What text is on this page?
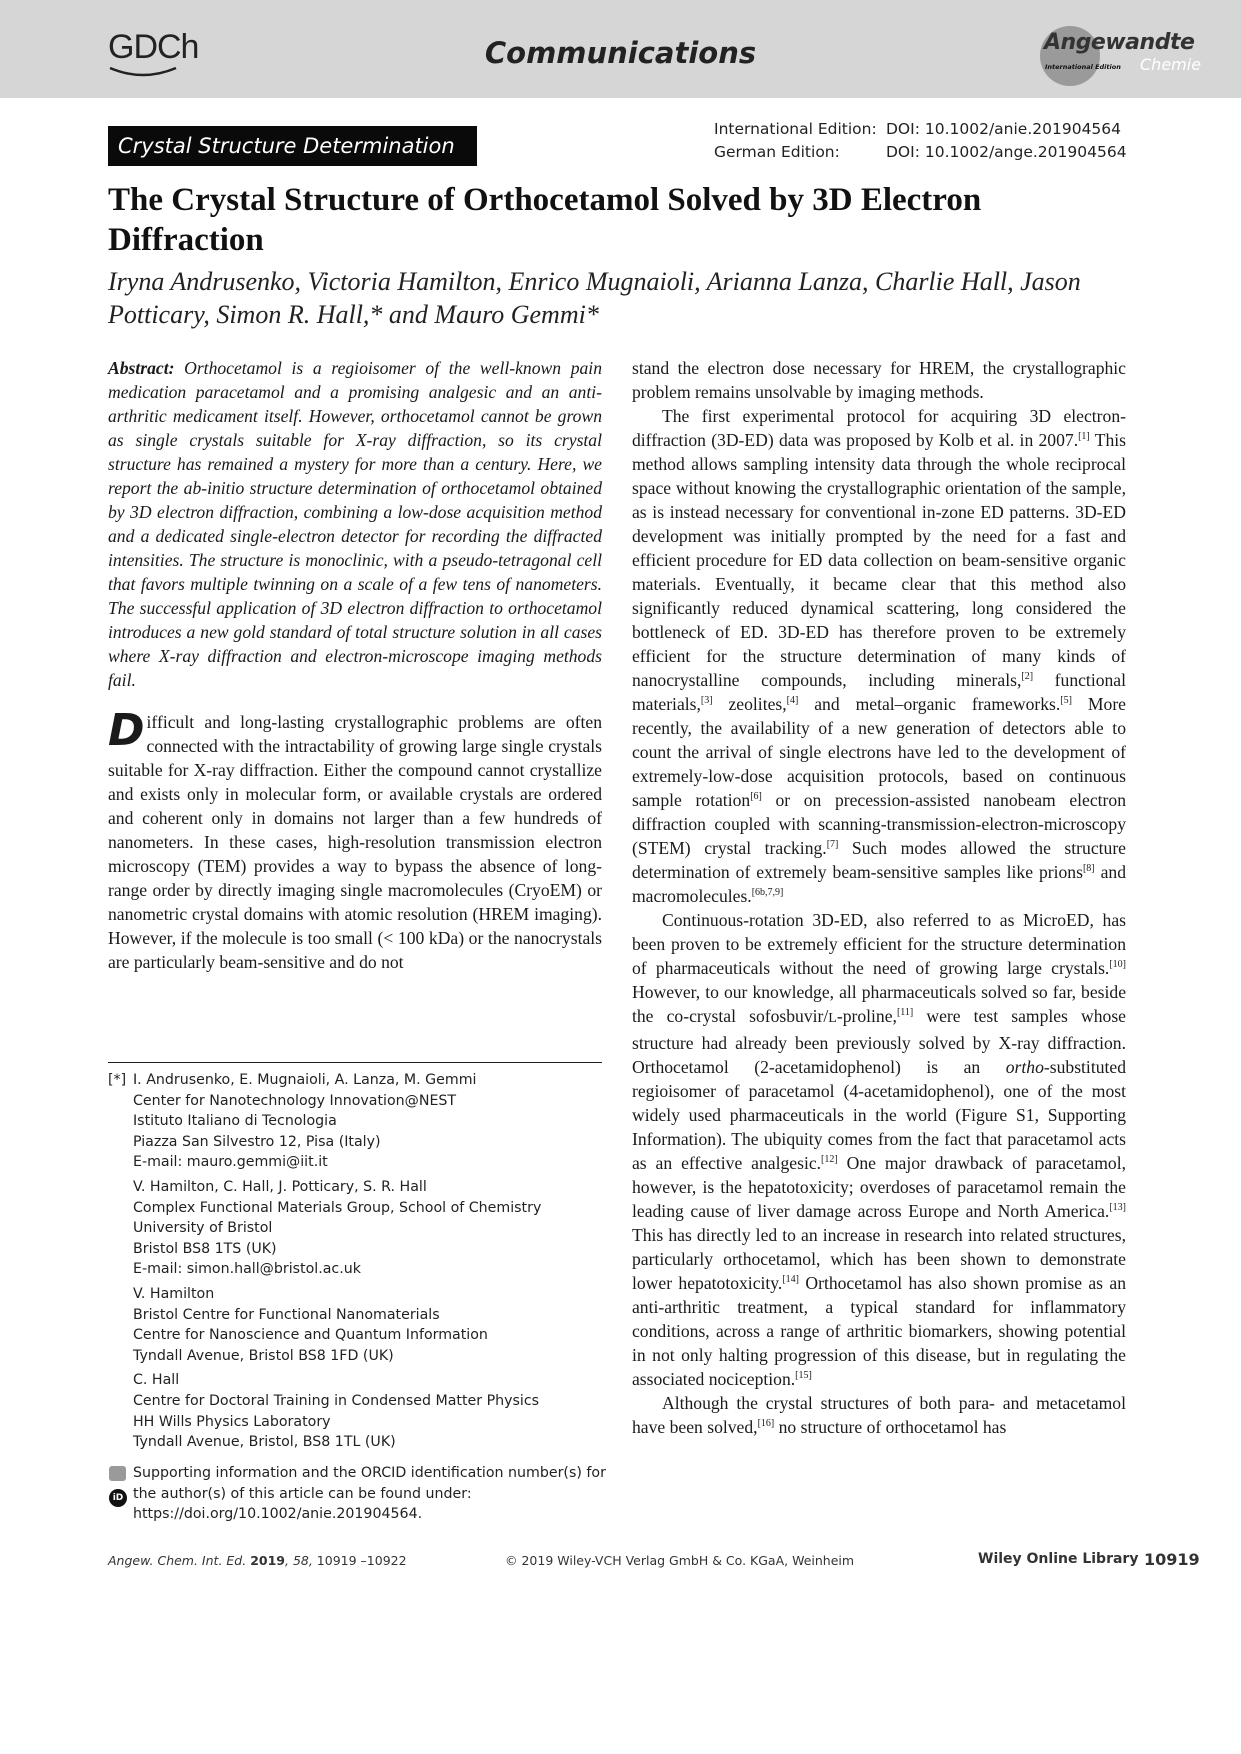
GDCh	Communications	Angewandte
International Edition Chemie
Crystal Structure Determination
International Edition: DOI: 10.1002/anie.201904564
German Edition:	DOI: 10.1002/ange.201904564
The Crystal Structure of Orthocetamol Solved by 3D Electron Diffraction

Iryna Andrusenko, Victoria Hamilton, Enrico Mugnaioli, Arianna Lanza, Charlie Hall, Jason Potticary, Simon R. Hall,* and Mauro Gemmi*

Abstract: Orthocetamol is a regioisomer of the well-known pain medication paracetamol and a promising analgesic and an anti-arthritic medicament itself. However, orthocetamol cannot be grown as single crystals suitable for X-ray diffraction, so its crystal structure has remained a mystery for more than a century. Here, we report the ab-initio structure determination of orthocetamol obtained by 3D electron diffraction, combining a low-dose acquisition method and a dedicated single-electron detector for recording the diffracted intensities. The structure is monoclinic, with a pseudo-tetragonal cell that favors multiple twinning on a scale of a few tens of nanometers. The successful application of 3D electron diffraction to orthocetamol introduces a new gold standard of total structure solution in all cases where X-ray diffraction and electron-microscope imaging methods fail.

Difficult and long-lasting crystallographic problems are often connected with the intractability of growing large single crystals suitable for X-ray diffraction. Either the compound cannot crystallize and exists only in molecular form, or available crystals are ordered and coherent only in domains not larger than a few hundreds of nanometers. In these cases, high-resolution transmission electron microscopy (TEM) provides a way to bypass the absence of long-range order by directly imaging single macromolecules (CryoEM) or nanometric crystal domains with atomic resolution (HREM imaging). However, if the molecule is too small (< 100 kDa) or the nanocrystals are particularly beam-sensitive and do not

stand the electron dose necessary for HREM, the crystallographic problem remains unsolvable by imaging methods.

The first experimental protocol for acquiring 3D electron-diffraction (3D-ED) data was proposed by Kolb et al. in 2007.[1] This method allows sampling intensity data through the whole reciprocal space without knowing the crystallographic orientation of the sample, as is instead necessary for conventional in-zone ED patterns. 3D-ED development was initially prompted by the need for a fast and efficient procedure for ED data collection on beam-sensitive organic materials. Eventually, it became clear that this method also significantly reduced dynamical scattering, long considered the bottleneck of ED. 3D-ED has therefore proven to be extremely efficient for the structure determination of many kinds of nanocrystalline compounds, including minerals,[2] functional materials,[3] zeolites,[4] and metal–organic frameworks.[5] More recently, the availability of a new generation of detectors able to count the arrival of single electrons have led to the development of extremely-low-dose acquisition protocols, based on continuous sample rotation[6] or on precession-assisted nanobeam electron diffraction coupled with scanning-transmission-electron-microscopy (STEM) crystal tracking.[7] Such modes allowed the structure determination of extremely beam-sensitive samples like prions[8] and macromolecules.[6b,7,9]

Continuous-rotation 3D-ED, also referred to as MicroED, has been proven to be extremely efficient for the structure determination of pharmaceuticals without the need of growing large crystals.[10] However, to our knowledge, all pharmaceuticals solved so far, beside the co-crystal sofosbuvir/L-proline,[11] were test samples whose structure had already been previously solved by X-ray diffraction. Orthocetamol (2-acetamidophenol) is an ortho-substituted regioisomer of paracetamol (4-acetamidophenol), one of the most widely used pharmaceuticals in the world (Figure S1, Supporting Information). The ubiquity comes from the fact that paracetamol acts as an effective analgesic.[12] One major drawback of paracetamol, however, is the hepatotoxicity; overdoses of paracetamol remain the leading cause of liver damage across Europe and North America.[13] This has directly led to an increase in research into related structures, particularly orthocetamol, which has been shown to demonstrate lower hepatotoxicity.[14] Orthocetamol has also shown promise as an anti-arthritic treatment, a typical standard for inflammatory conditions, across a range of arthritic biomarkers, showing potential in not only halting progression of this disease, but in regulating the associated nociception.[15]

Although the crystal structures of both para- and metacetamol have been solved,[16] no structure of orthocetamol has

[*] I. Andrusenko, E. Mugnaioli, A. Lanza, M. Gemmi
Center for Nanotechnology Innovation@NEST
Istituto Italiano di Tecnologia
Piazza San Silvestro 12, Pisa (Italy)
E-mail: mauro.gemmi@iit.it
V. Hamilton, C. Hall, J. Potticary, S. R. Hall
Complex Functional Materials Group, School of Chemistry
University of Bristol
Bristol BS8 1TS (UK)
E-mail: simon.hall@bristol.ac.uk
V. Hamilton
Bristol Centre for Functional Nanomaterials
Centre for Nanoscience and Quantum Information
Tyndall Avenue, Bristol BS8 1FD (UK)
C. Hall
Centre for Doctoral Training in Condensed Matter Physics
HH Wills Physics Laboratory
Tyndall Avenue, Bristol, BS8 1TL (UK)
iD
Supporting information and the ORCID identification number(s) for
the author(s) of this article can be found under:
https://doi.org/10.1002/anie.201904564.
Angew. Chem. Int. Ed. 2019, 58, 10919 –10922	© 2019 Wiley-VCH Verlag GmbH & Co. KGaA, Weinheim	Wiley Online Library 10919
